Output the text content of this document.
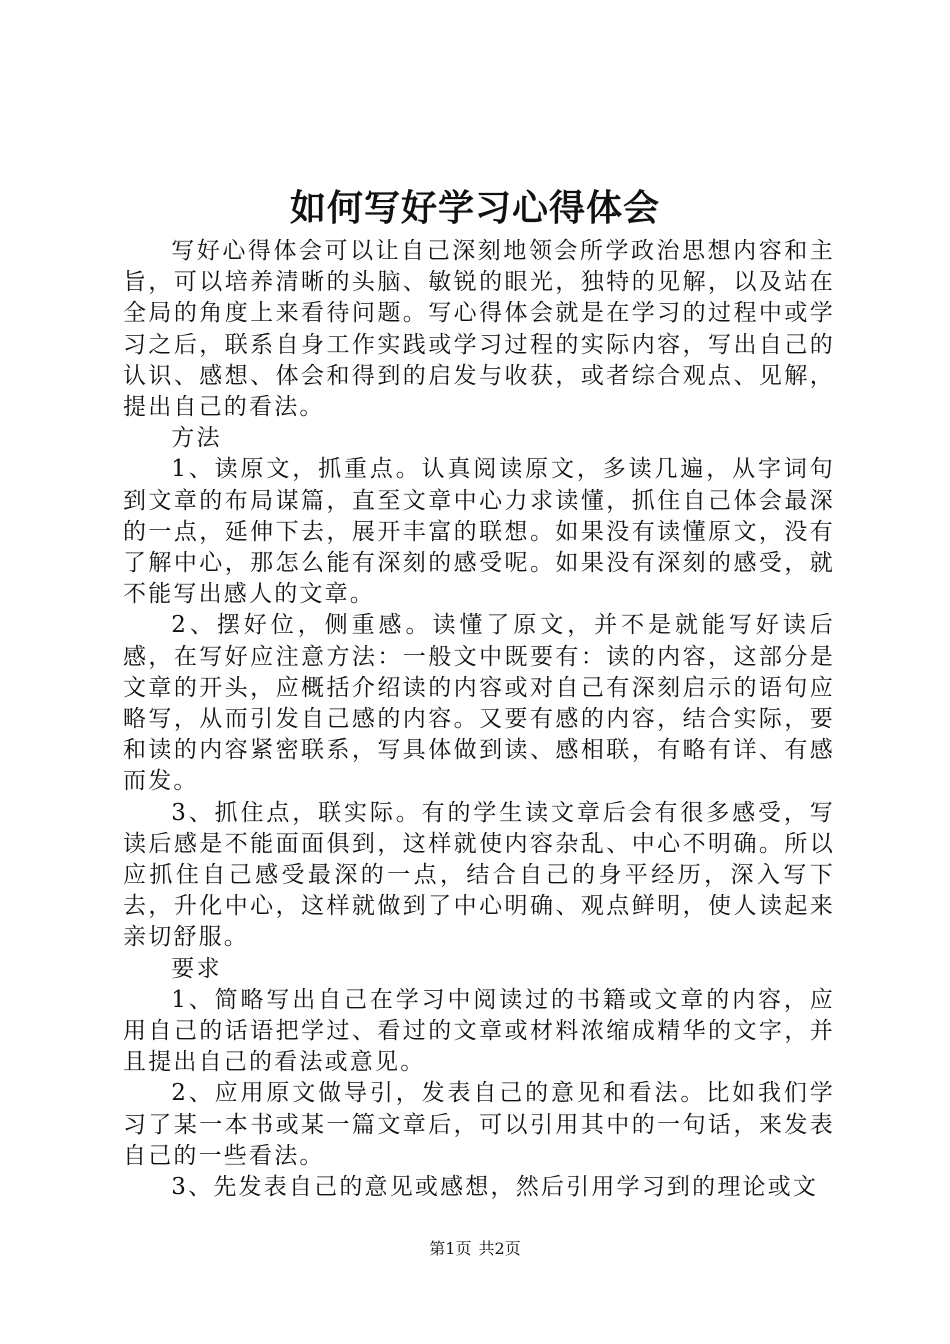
如何写好学习心得体会

写好心得体会可以让自己深刻地领会所学政治思想内容和主旨，可以培养清晰的头脑、敏锐的眼光，独特的见解，以及站在全局的角度上来看待问题。写心得体会就是在学习的过程中或学习之后，联系自身工作实践或学习过程的实际内容，写出自己的认识、感想、体会和得到的启发与收获，或者综合观点、见解，提出自己的看法。

方法

1、读原文，抓重点。认真阅读原文，多读几遍，从字词句到文章的布局谋篇，直至文章中心力求读懂，抓住自己体会最深的一点，延伸下去，展开丰富的联想。如果没有读懂原文，没有了解中心，那怎么能有深刻的感受呢。如果没有深刻的感受，就不能写出感人的文章。

2、摆好位，侧重感。读懂了原文，并不是就能写好读后感，在写好应注意方法：一般文中既要有：读的内容，这部分是文章的开头，应概括介绍读的内容或对自己有深刻启示的语句应略写，从而引发自己感的内容。又要有感的内容，结合实际，要和读的内容紧密联系，写具体做到读、感相联，有略有详、有感而发。

3、抓住点，联实际。有的学生读文章后会有很多感受，写读后感是不能面面俱到，这样就使内容杂乱、中心不明确。所以应抓住自己感受最深的一点，结合自己的身平经历，深入写下去，升化中心，这样就做到了中心明确、观点鲜明，使人读起来亲切舒服。

要求

1、简略写出自己在学习中阅读过的书籍或文章的内容，应用自己的话语把学过、看过的文章或材料浓缩成精华的文字，并且提出自己的看法或意见。

2、应用原文做导引，发表自己的意见和看法。比如我们学习了某一本书或某一篇文章后，可以引用其中的一句话，来发表自己的一些看法。

3、先发表自己的意见或感想，然后引用学习到的理论或文

第1页 共2页
